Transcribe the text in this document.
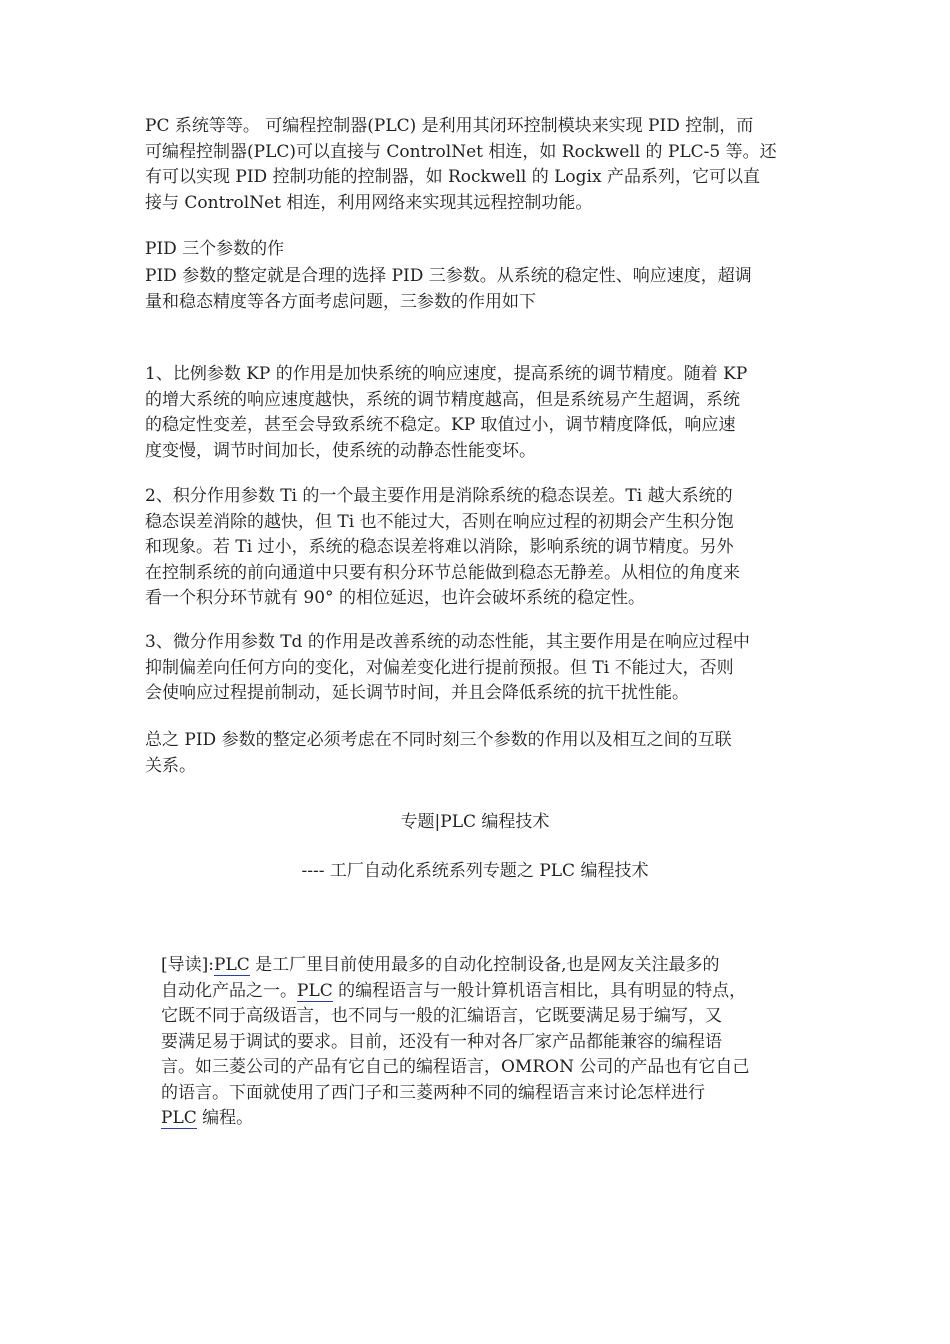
PC 系统等等。 可编程控制器(PLC) 是利用其闭环控制模块来实现 PID 控制，而
可编程控制器(PLC)可以直接与 ControlNet 相连，如 Rockwell 的 PLC-5 等。还
有可以实现 PID 控制功能的控制器，如 Rockwell 的 Logix 产品系列，它可以直
接与 ControlNet 相连，利用网络来实现其远程控制功能。
PID 三个参数的作
PID 参数的整定就是合理的选择 PID 三参数。从系统的稳定性、响应速度，超调
量和稳态精度等各方面考虑问题，三参数的作用如下
1、比例参数 KP 的作用是加快系统的响应速度，提高系统的调节精度。随着 KP
的增大系统的响应速度越快，系统的调节精度越高，但是系统易产生超调，系统
的稳定性变差，甚至会导致系统不稳定。KP 取值过小，调节精度降低，响应速
度变慢，调节时间加长，使系统的动静态性能变坏。
2、积分作用参数 Ti 的一个最主要作用是消除系统的稳态误差。Ti 越大系统的
稳态误差消除的越快，但 Ti 也不能过大，否则在响应过程的初期会产生积分饱
和现象。若 Ti 过小，系统的稳态误差将难以消除，影响系统的调节精度。另外
在控制系统的前向通道中只要有积分环节总能做到稳态无静差。从相位的角度来
看一个积分环节就有 90° 的相位延迟，也许会破坏系统的稳定性。
3、微分作用参数 Td 的作用是改善系统的动态性能，其主要作用是在响应过程中
抑制偏差向任何方向的变化，对偏差变化进行提前预报。但 Ti 不能过大，否则
会使响应过程提前制动，延长调节时间，并且会降低系统的抗干扰性能。
总之 PID 参数的整定必须考虑在不同时刻三个参数的作用以及相互之间的互联
关系。
专题|PLC 编程技术
---- 工厂自动化系统系列专题之 PLC 编程技术
[导读]:PLC 是工厂里目前使用最多的自动化控制设备,也是网友关注最多的
自动化产品之一。PLC 的编程语言与一般计算机语言相比，具有明显的特点，
它既不同于高级语言，也不同与一般的汇编语言，它既要满足易于编写，又
要满足易于调试的要求。目前，还没有一种对各厂家产品都能兼容的编程语
言。如三菱公司的产品有它自己的编程语言，OMRON 公司的产品也有它自己
的语言。下面就使用了西门子和三菱两种不同的编程语言来讨论怎样进行
PLC 编程。
